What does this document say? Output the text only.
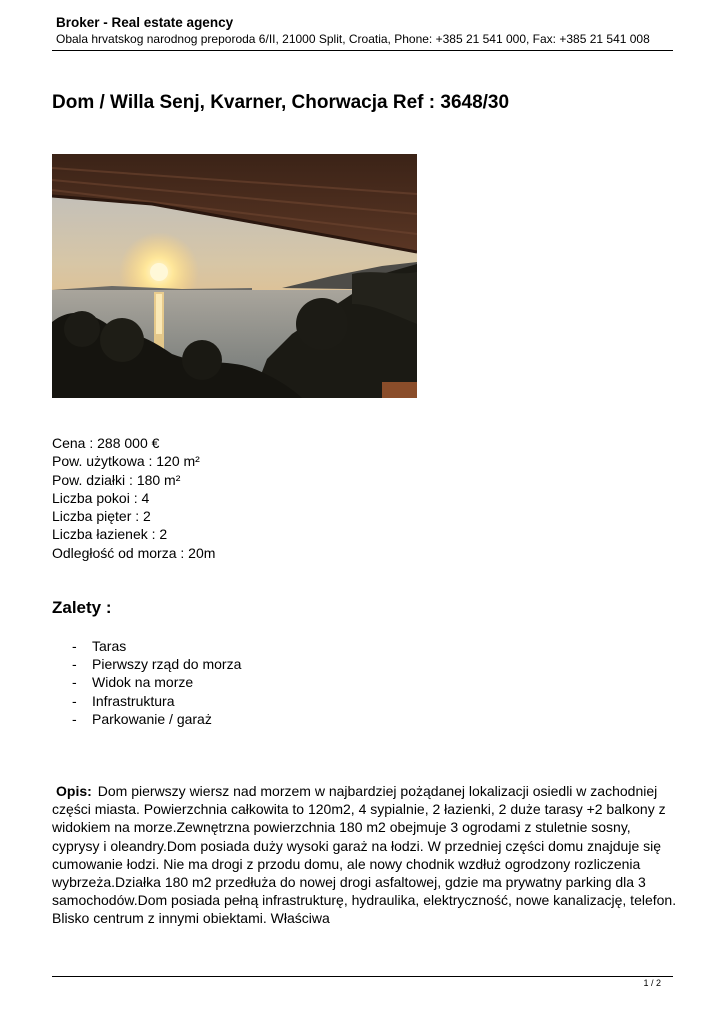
Broker - Real estate agency
Obala hrvatskog narodnog preporoda 6/II, 21000 Split, Croatia, Phone: +385 21 541 000, Fax: +385 21 541 008
Dom / Willa Senj, Kvarner, Chorwacja Ref : 3648/30
Cena : 288 000 €
Pow. użytkowa : 120 m²
Pow. działki : 180 m²
Liczba pokoi : 4
Liczba pięter : 2
Liczba łazienek : 2
Odległość od morza : 20m
Zalety :
- Taras
- Pierwszy rząd do morza
- Widok na morze
- Infrastruktura
- Parkowanie / garaż

Opis: Dom pierwszy wiersz nad morzem w najbardziej pożądanej lokalizacji osiedli w zachodniej części miasta. Powierzchnia całkowita to 120m2, 4 sypialnie, 2 łazienki, 2 duże tarasy +2 balkony z widokiem na morze.Zewnętrzna powierzchnia 180 m2 obejmuje 3 ogrodami z stuletnie sosny, cyprysy i oleandry.Dom posiada duży wysoki garaż na łodzi. W przedniej części domu znajduje się cumowanie łodzi. Nie ma drogi z przodu domu, ale nowy chodnik wzdłuż ogrodzony rozliczenia wybrzeża.Działka 180 m2 przedłuża do nowej drogi asfaltowej, gdzie ma prywatny parking dla 3 samochodów.Dom posiada pełną infrastrukturę, hydraulika, elektryczność, nowe kanalizację, telefon. Blisko centrum z innymi obiektami. Właściwa

1 / 2
